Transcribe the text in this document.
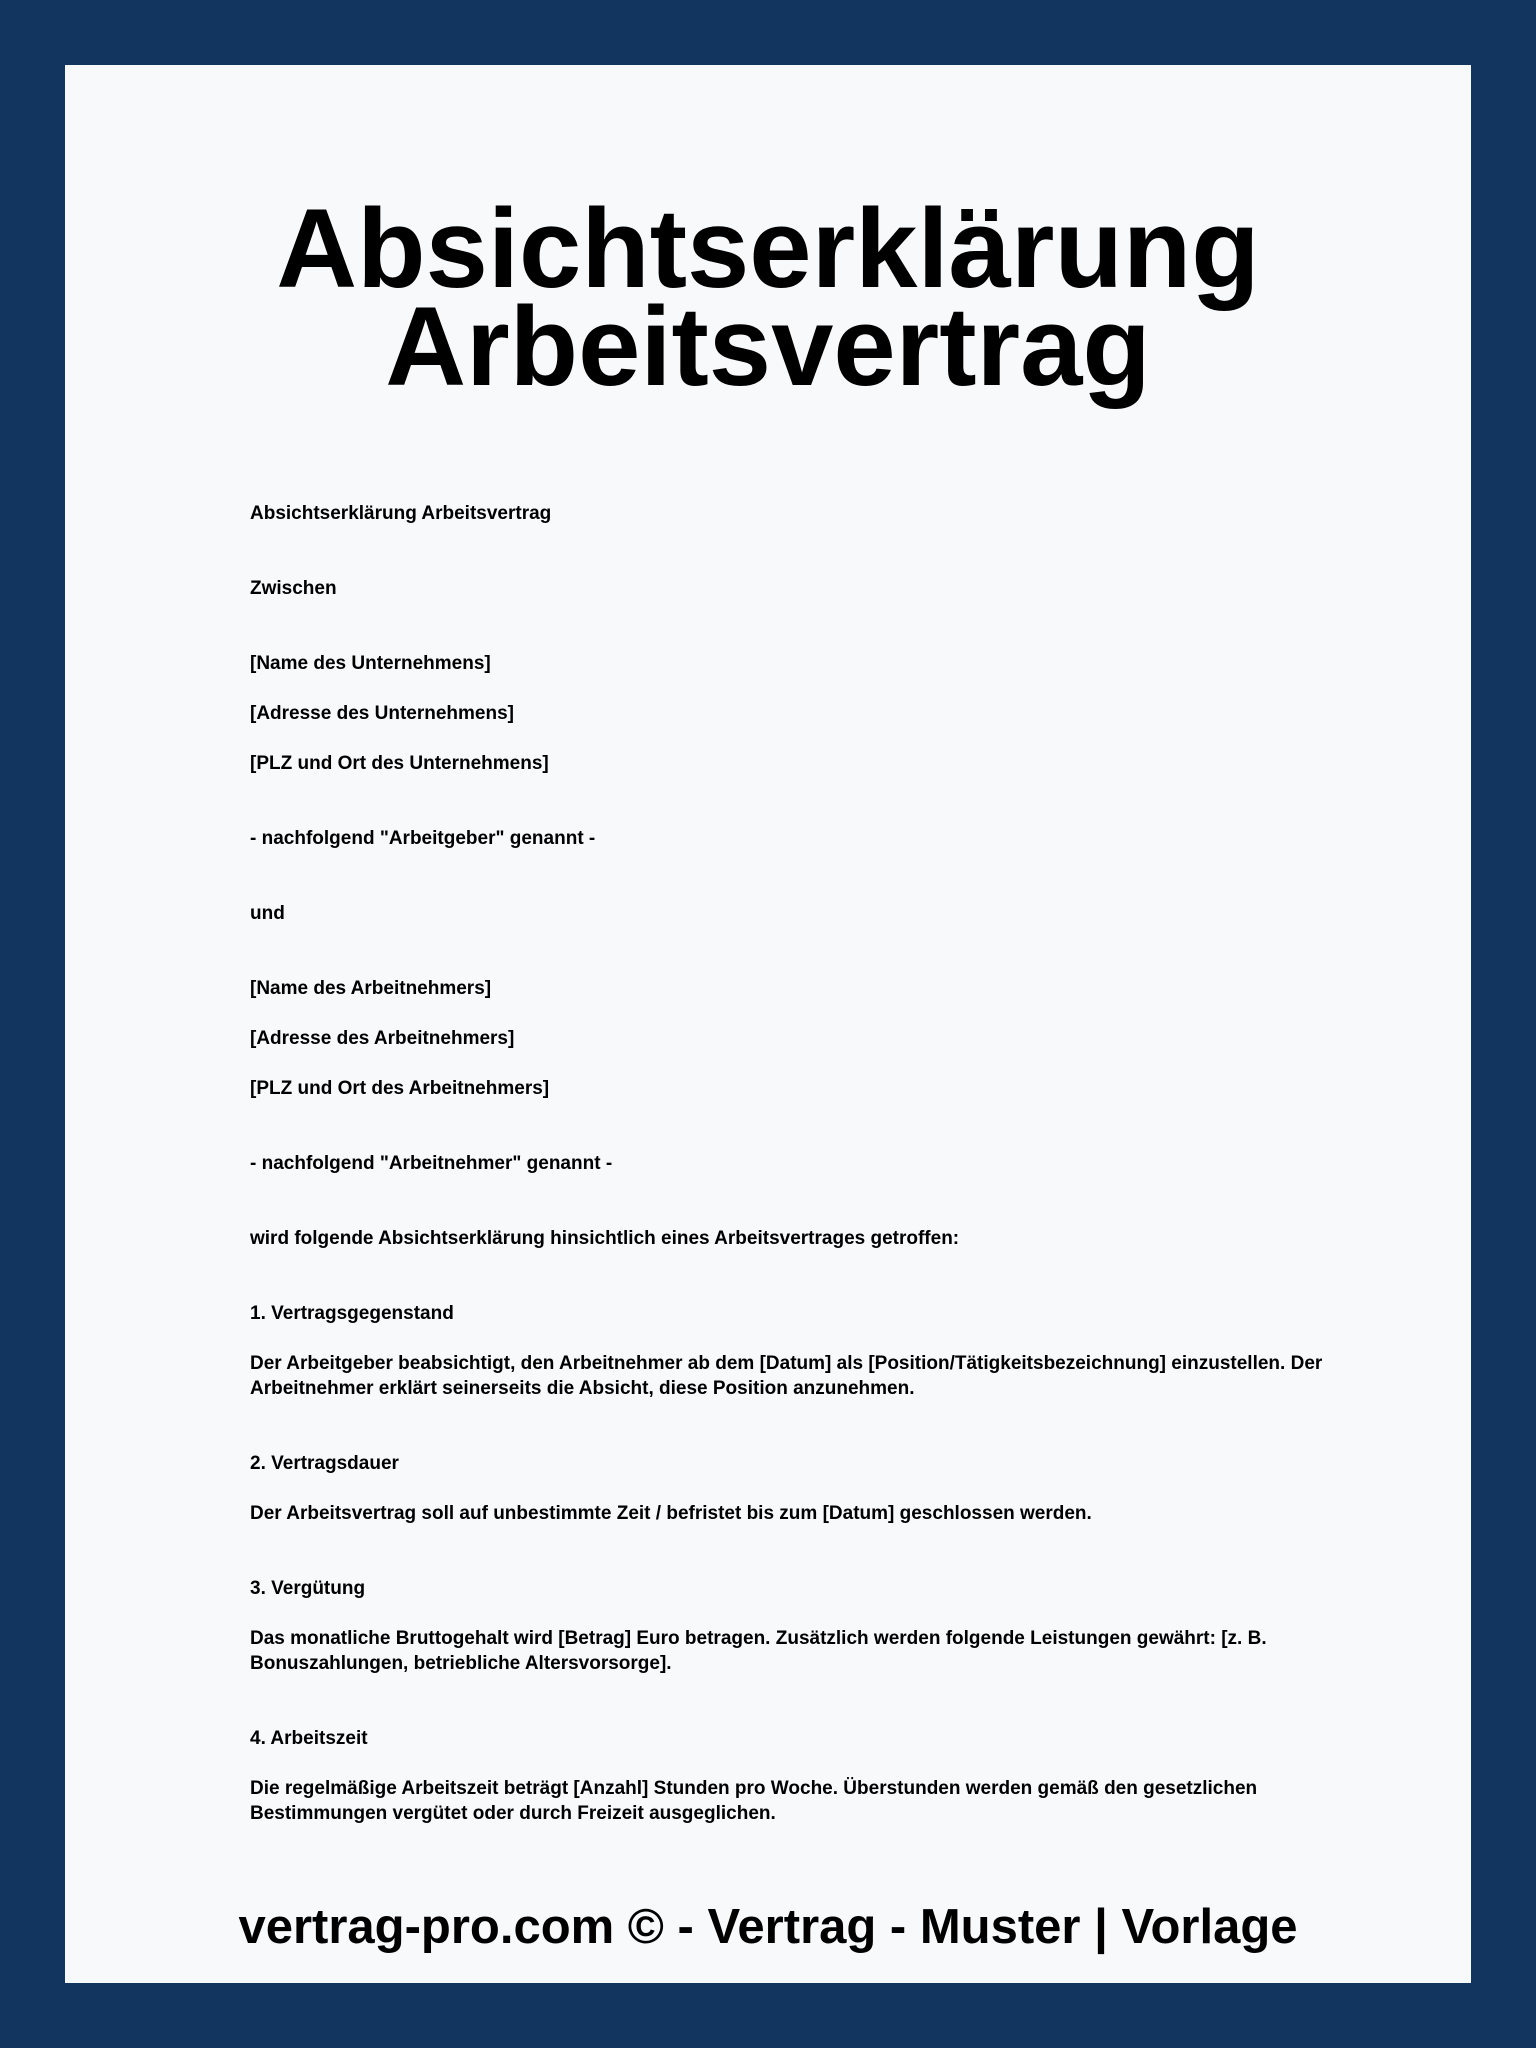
Absichtserklärung
Arbeitsvertrag
Absichtserklärung Arbeitsvertrag
Zwischen
[Name des Unternehmens]
[Adresse des Unternehmens]
[PLZ und Ort des Unternehmens]
- nachfolgend "Arbeitgeber" genannt -
und
[Name des Arbeitnehmers]
[Adresse des Arbeitnehmers]
[PLZ und Ort des Arbeitnehmers]
- nachfolgend "Arbeitnehmer" genannt -
wird folgende Absichtserklärung hinsichtlich eines Arbeitsvertrages getroffen:
1. Vertragsgegenstand
Der Arbeitgeber beabsichtigt, den Arbeitnehmer ab dem [Datum] als [Position/Tätigkeitsbezeichnung] einzustellen. Der Arbeitnehmer erklärt seinerseits die Absicht, diese Position anzunehmen.
2. Vertragsdauer
Der Arbeitsvertrag soll auf unbestimmte Zeit / befristet bis zum [Datum] geschlossen werden.
3. Vergütung
Das monatliche Bruttogehalt wird [Betrag] Euro betragen. Zusätzlich werden folgende Leistungen gewährt: [z. B. Bonuszahlungen, betriebliche Altersvorsorge].
4. Arbeitszeit
Die regelmäßige Arbeitszeit beträgt [Anzahl] Stunden pro Woche. Überstunden werden gemäß den gesetzlichen Bestimmungen vergütet oder durch Freizeit ausgeglichen.
vertrag-pro.com © - Vertrag - Muster | Vorlage
